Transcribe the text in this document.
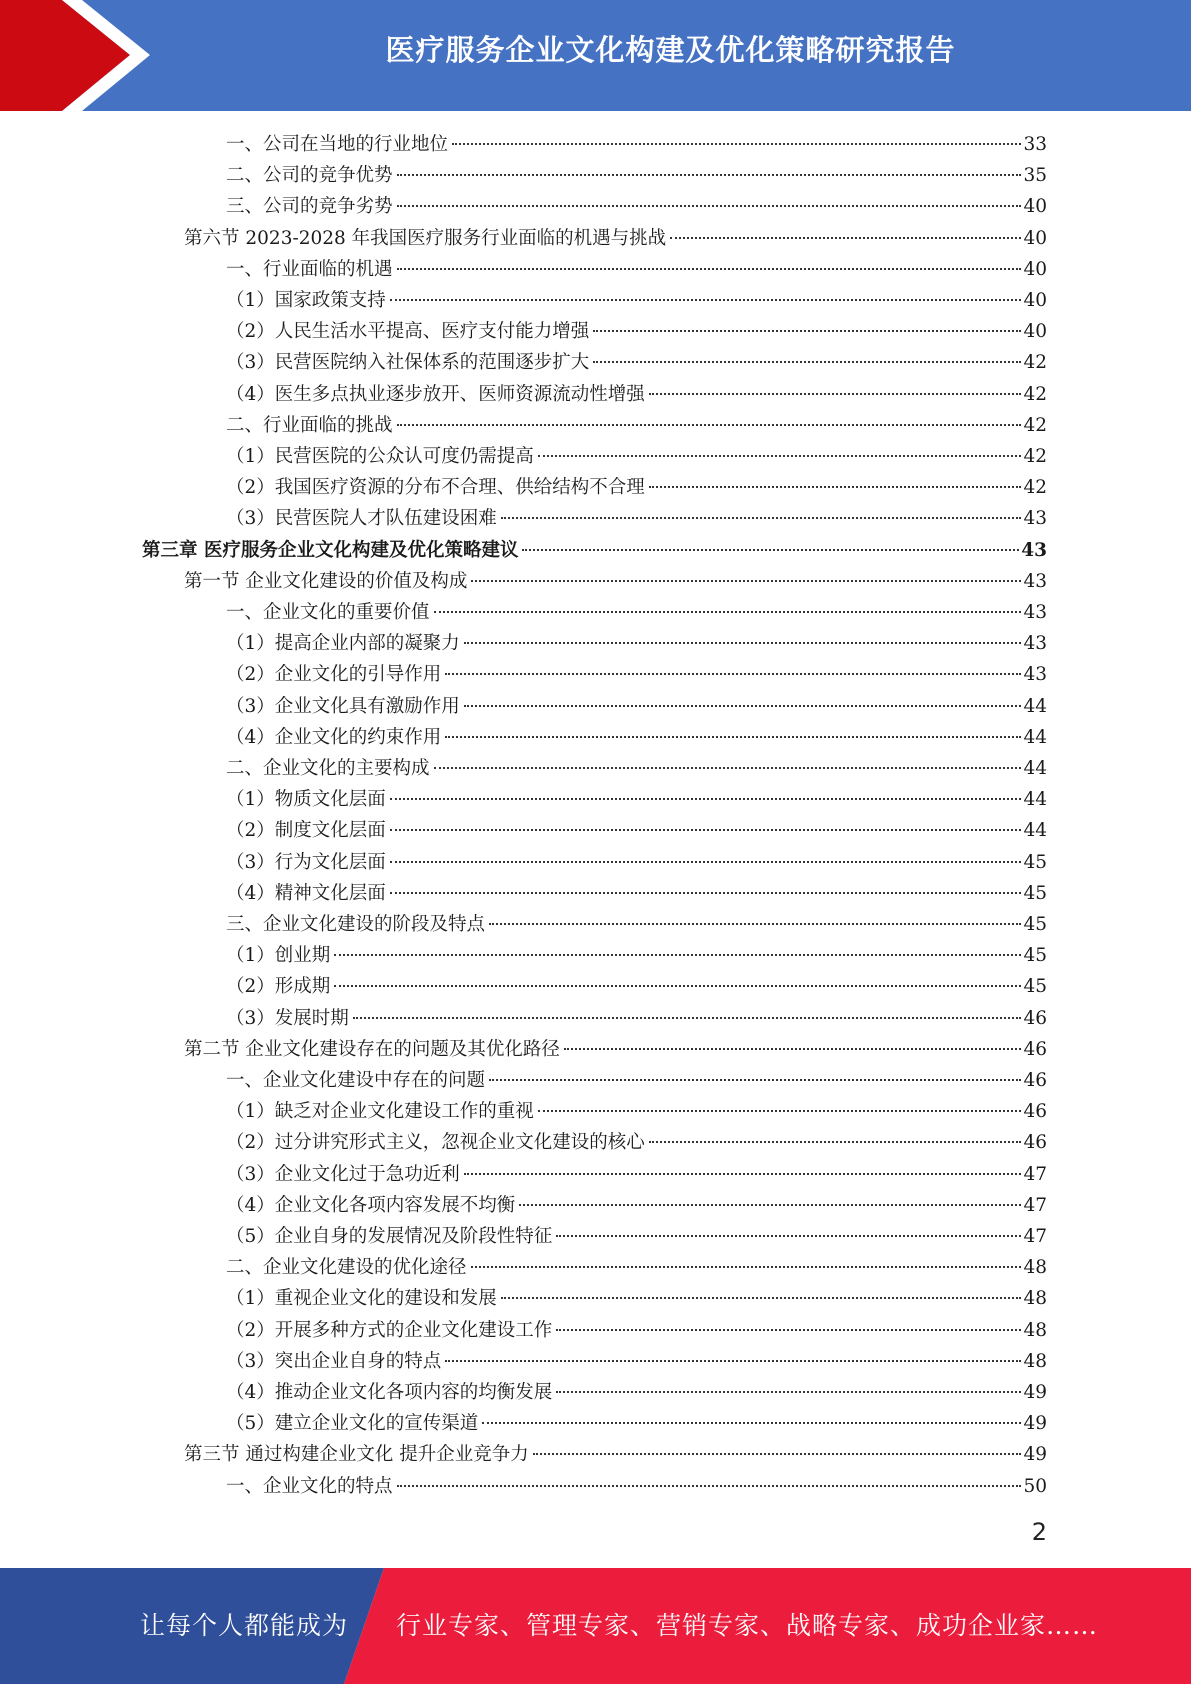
医疗服务企业文化构建及优化策略研究报告
一、公司在当地的行业地位	33
二、公司的竞争优势	35
三、公司的竞争劣势	40
第六节 2023-2028 年我国医疗服务行业面临的机遇与挑战	40
一、行业面临的机遇	40
（1）国家政策支持	40
（2）人民生活水平提高、医疗支付能力增强	40
（3）民营医院纳入社保体系的范围逐步扩大	42
（4）医生多点执业逐步放开、医师资源流动性增强	42
二、行业面临的挑战	42
（1）民营医院的公众认可度仍需提高	42
（2）我国医疗资源的分布不合理、供给结构不合理	42
（3）民营医院人才队伍建设困难	43
第三章 医疗服务企业文化构建及优化策略建议	43
第一节 企业文化建设的价值及构成	43
一、企业文化的重要价值	43
（1）提高企业内部的凝聚力	43
（2）企业文化的引导作用	43
（3）企业文化具有激励作用	44
（4）企业文化的约束作用	44
二、企业文化的主要构成	44
（1）物质文化层面	44
（2）制度文化层面	44
（3）行为文化层面	45
（4）精神文化层面	45
三、企业文化建设的阶段及特点	45
（1）创业期	45
（2）形成期	45
（3）发展时期	46
第二节 企业文化建设存在的问题及其优化路径	46
一、企业文化建设中存在的问题	46
（1）缺乏对企业文化建设工作的重视	46
（2）过分讲究形式主义，忽视企业文化建设的核心	46
（3）企业文化过于急功近利	47
（4）企业文化各项内容发展不均衡	47
（5）企业自身的发展情况及阶段性特征	47
二、企业文化建设的优化途径	48
（1）重视企业文化的建设和发展	48
（2）开展多种方式的企业文化建设工作	48
（3）突出企业自身的特点	48
（4）推动企业文化各项内容的均衡发展	49
（5）建立企业文化的宣传渠道	49
第三节 通过构建企业文化 提升企业竞争力	49
一、企业文化的特点	50
2
让每个人都能成为 行业专家、管理专家、营销专家、战略专家、成功企业家……
